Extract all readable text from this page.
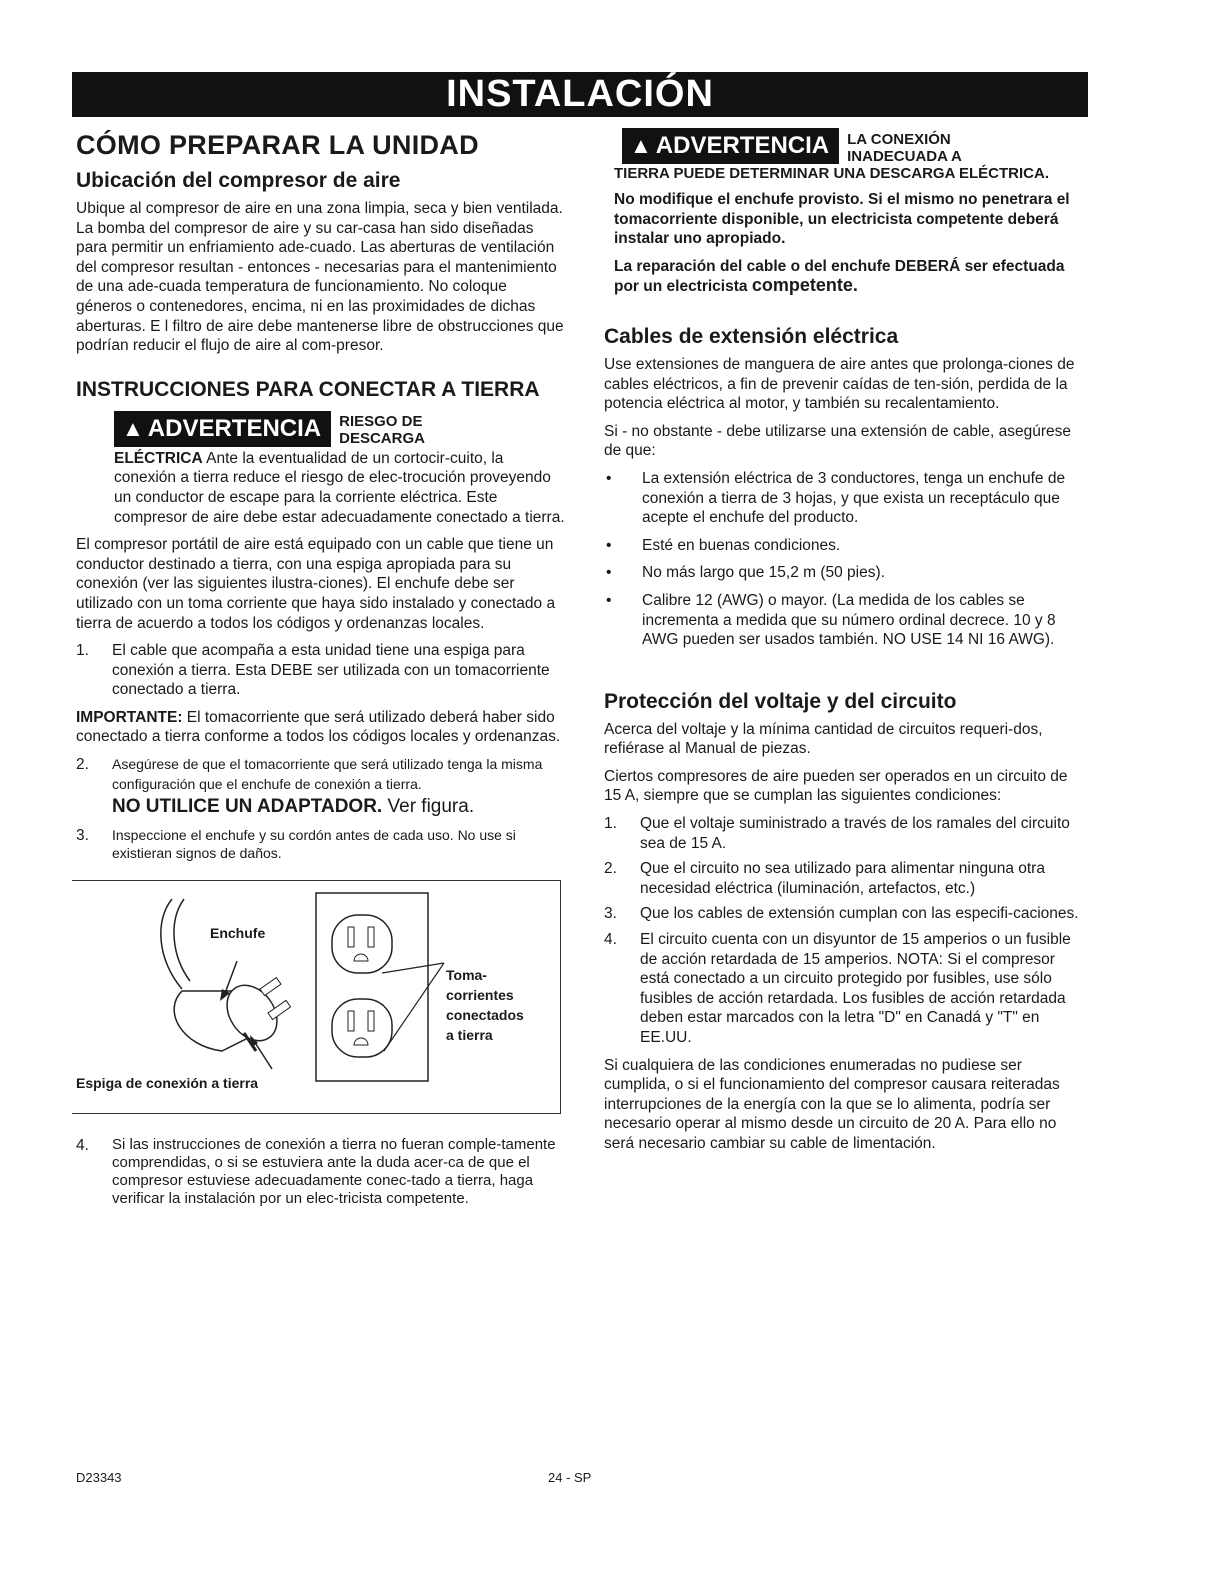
INSTALACIÓN
CÓMO PREPARAR LA UNIDAD
Ubicación del compresor de aire

Ubique al compresor de aire en una zona limpia, seca y bien ventilada. La bomba del compresor de aire y su car-casa han sido diseñadas para permitir un enfriamiento ade-cuado. Las aberturas de ventilación del compresor resultan - entonces - necesarias para el mantenimiento de una ade-cuada temperatura de funcionamiento. No coloque géneros o contenedores, encima, ni en las proximidades de dichas aberturas. E l filtro de aire debe mantenerse libre de obstrucciones que podrían reducir el flujo de aire al com-presor.

INSTRUCCIONES PARA CONECTAR A TIERRA
▲ ADVERTENCIA	RIESGO DE DESCARGA

ELÉCTRICA Ante la eventualidad de un cortocir-cuito, la conexión a tierra reduce el riesgo de elec-trocución proveyendo un conductor de escape para la corriente eléctrica. Este compresor de aire debe estar adecuadamente conectado a tierra.

El compresor portátil de aire está equipado con un cable que tiene un conductor destinado a tierra, con una espiga apropiada para su conexión (ver las siguientes ilustra-ciones). El enchufe debe ser utilizado con un toma corriente que haya sido instalado y conectado a tierra de acuerdo a todos los códigos y ordenanzas locales.

1.	El cable que acompaña a esta unidad tiene una espiga para conexión a tierra. Esta DEBE ser utilizada con un tomacorriente conectado a tierra.

IMPORTANTE: El tomacorriente que será utilizado deberá haber sido conectado a tierra conforme a todos los códigos locales y ordenanzas.

2.	Asegúrese de que el tomacorriente que será utilizado tenga la misma configuración que el enchufe de conexión a tierra.
NO UTILICE UN ADAPTADOR. Ver figura.
3.	Inspeccione el enchufe y su cordón antes de cada uso. No use si existieran signos de daños.
Enchufe
Toma-
corrientes
conectados
a tierra
Espiga de conexión a tierra
4.	Si las instrucciones de conexión a tierra no fueran comple-tamente comprendidas, o si se estuviera ante la duda acer-ca de que el compresor estuviese adecuadamente conec-tado a tierra, haga verificar la instalación por un elec-tricista competente.
▲ ADVERTENCIA	LA CONEXIÓN INADECUADA A

TIERRA PUEDE DETERMINAR UNA DESCARGA ELÉCTRICA.

No modifique el enchufe provisto. Si el mismo no penetrara el tomacorriente disponible, un electricista competente deberá instalar uno apropiado.

La reparación del cable o del enchufe DEBERÁ ser efectuada por un electricista competente.

Cables de extensión eléctrica

Use extensiones de manguera de aire antes que prolonga-ciones de cables eléctricos, a fin de prevenir caídas de ten-sión, perdida de la potencia eléctrica al motor, y también su recalentamiento.

Si - no obstante - debe utilizarse una extensión de cable, asegúrese de que:

•	La extensión eléctrica de 3 conductores, tenga un enchufe de conexión a tierra de 3 hojas, y que exista un receptáculo que acepte el enchufe del producto.
•	Esté en buenas condiciones.
•	No más largo que 15,2 m (50 pies).
•	Calibre 12 (AWG) o mayor. (La medida de los cables se incrementa a medida que su número ordinal decrece. 10 y 8 AWG pueden ser usados también. NO USE 14 NI 16 AWG).
Protección del voltaje y del circuito

Acerca del voltaje y la mínima cantidad de circuitos requeri-dos, refiérase al Manual de piezas.

Ciertos compresores de aire pueden ser operados en un circuito de 15 A, siempre que se cumplan las siguientes condiciones:

1.	Que el voltaje suministrado a través de los ramales del circuito sea de 15 A.
2.	Que el circuito no sea utilizado para alimentar ninguna otra necesidad eléctrica (iluminación, artefactos, etc.)
3.	Que los cables de extensión cumplan con las especifi-caciones.
4.	El circuito cuenta con un disyuntor de 15 amperios o un fusible de acción retardada de 15 amperios. NOTA: Si el compresor está conectado a un circuito protegido por fusibles, use sólo fusibles de acción retardada. Los fusibles de acción retardada deben estar marcados con la letra "D" en Canadá y "T" en EE.UU.

Si cualquiera de las condiciones enumeradas no pudiese ser cumplida, o si el funcionamiento del compresor causara reiteradas interrupciones de la energía con la que se lo alimenta, podría ser necesario operar al mismo desde un circuito de 20 A. Para ello no será necesario cambiar su cable de limentación.

D23343	24 - SP
